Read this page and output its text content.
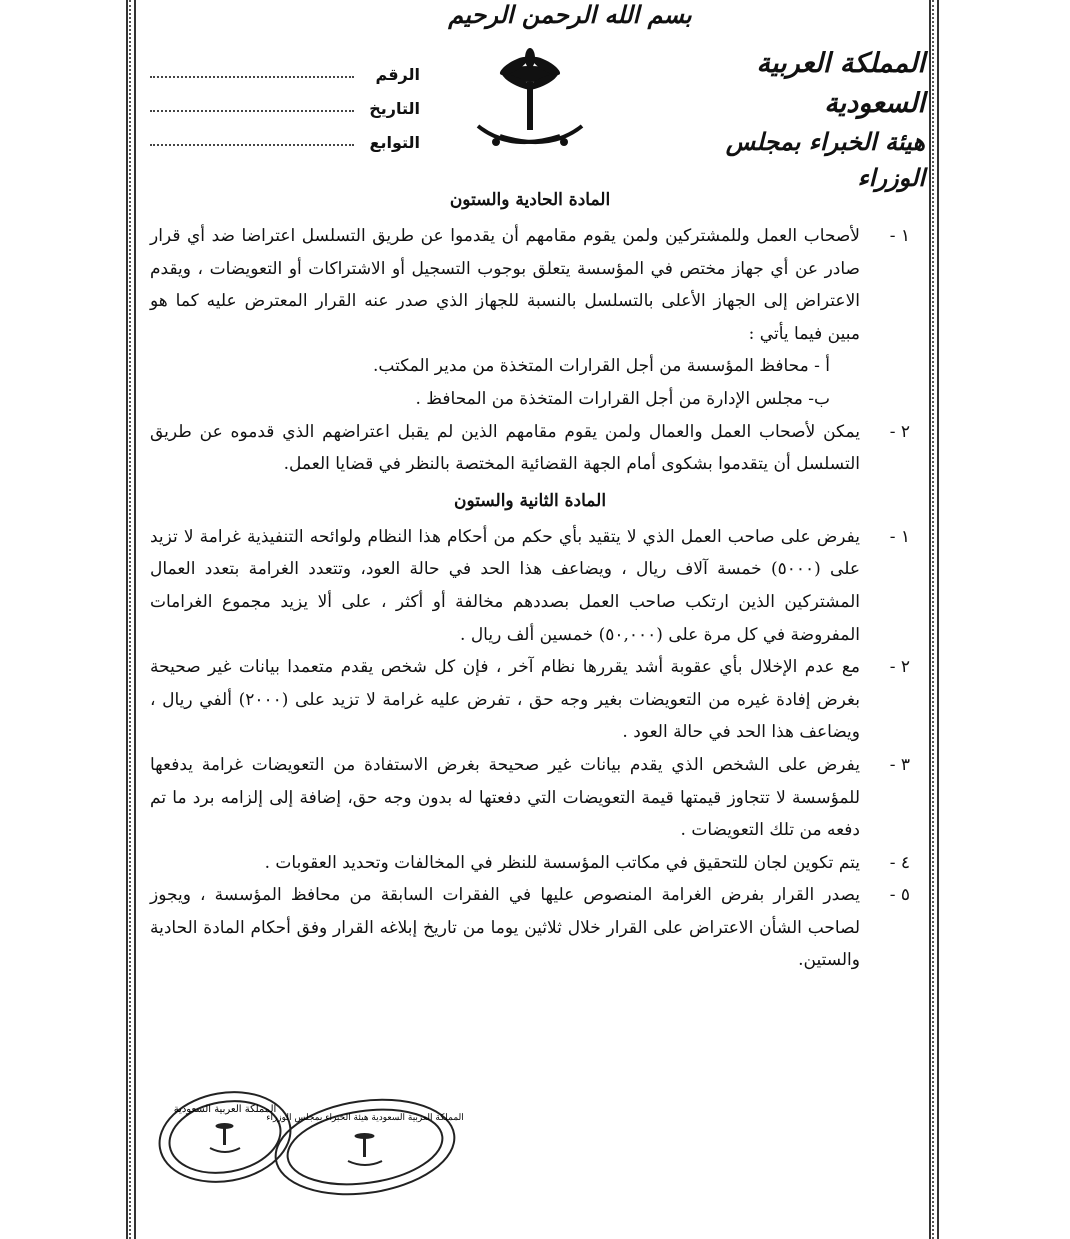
بسم الله الرحمن الرحيم
المملكة العربية السعودية
هيئة الخبراء بمجلس الوزراء
الرقم
التاريخ
التوابع
المادة الحادية والستون
١ -
لأصحاب العمل وللمشتركين ولمن يقوم مقامهم أن يقدموا عن طريق التسلسل اعتراضا ضد أي قرار صادر عن أي جهاز مختص في المؤسسة يتعلق بوجوب التسجيل أو الاشتراكات أو التعويضات ، ويقدم الاعتراض إلى الجهاز الأعلى بالتسلسل بالنسبة للجهاز الذي صدر عنه القرار المعترض عليه كما هو مبين فيما يأتي :
أ - محافظ المؤسسة من أجل القرارات المتخذة من مدير المكتب.
ب- مجلس الإدارة من أجل القرارات المتخذة من المحافظ .
٢ -
يمكن لأصحاب العمل والعمال ولمن يقوم مقامهم الذين لم يقبل اعتراضهم الذي قدموه عن طريق التسلسل أن يتقدموا بشكوى أمام الجهة القضائية المختصة بالنظر في قضايا العمل.
المادة الثانية والستون
١ -
يفرض على صاحب العمل الذي لا يتقيد بأي حكم من أحكام هذا النظام ولوائحه التنفيذية غرامة لا تزيد على (٥٠٠٠) خمسة آلاف ريال ، ويضاعف هذا الحد في حالة العود، وتتعدد الغرامة بتعدد العمال المشتركين الذين ارتكب صاحب العمل بصددهم مخالفة أو أكثر ، على ألا يزيد مجموع الغرامات المفروضة في كل مرة على (٥٠,٠٠٠) خمسين ألف ريال .
٢ -
مع عدم الإخلال بأي عقوبة أشد يقررها نظام آخر ، فإن كل شخص يقدم متعمدا بيانات غير صحيحة بغرض إفادة غيره من التعويضات بغير وجه حق ، تفرض عليه غرامة لا تزيد على (٢٠٠٠) ألفي ريال ، ويضاعف هذا الحد في حالة العود .
٣ -
يفرض على الشخص الذي يقدم بيانات غير صحيحة بغرض الاستفادة من التعويضات غرامة يدفعها للمؤسسة لا تتجاوز قيمتها قيمة التعويضات التي دفعتها له بدون وجه حق، إضافة إلى إلزامه برد ما تم دفعه من تلك التعويضات .
٤ -
يتم تكوين لجان للتحقيق في مكاتب المؤسسة للنظر في المخالفات وتحديد العقوبات .
٥ -
يصدر القرار بفرض الغرامة المنصوص عليها في الفقرات السابقة من محافظ المؤسسة ، ويجوز لصاحب الشأن الاعتراض على القرار خلال ثلاثين يوما من تاريخ إبلاغه القرار وفق أحكام المادة الحادية والستين.
المملكة العربية السعودية
المملكة العربية السعودية هيئة الخبراء بمجلس الوزراء
